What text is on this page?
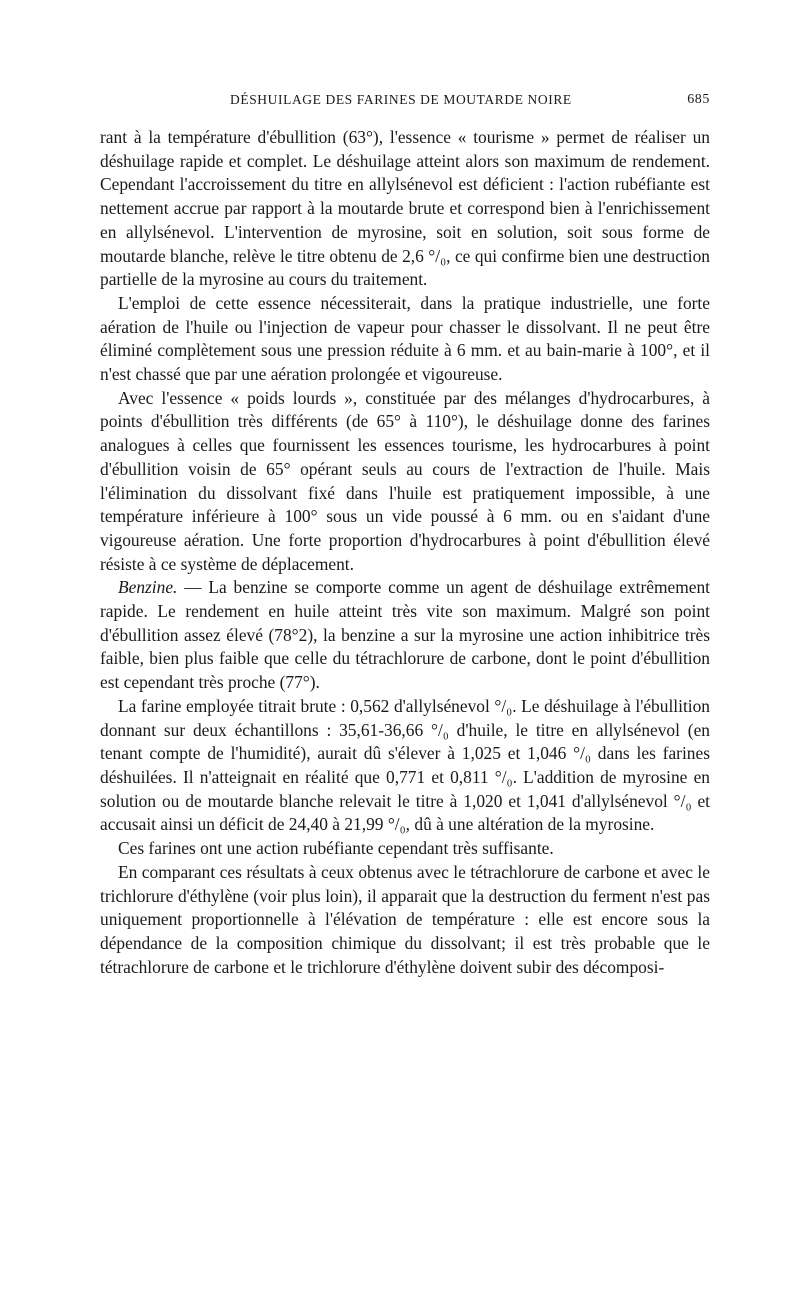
DÉSHUILAGE DES FARINES DE MOUTARDE NOIRE	685

rant à la température d'ébullition (63°), l'essence « tourisme » permet de réaliser un déshuilage rapide et complet. Le déshuilage atteint alors son maximum de rendement. Cependant l'accroissement du titre en allylsénevol est déficient : l'action rubéfiante est nettement accrue par rapport à la moutarde brute et correspond bien à l'enrichissement en allylsénevol. L'intervention de myrosine, soit en solution, soit sous forme de moutarde blanche, relève le titre obtenu de 2,6 °/₀, ce qui confirme bien une destruction partielle de la myrosine au cours du traitement.

L'emploi de cette essence nécessiterait, dans la pratique industrielle, une forte aération de l'huile ou l'injection de vapeur pour chasser le dissolvant. Il ne peut être éliminé complètement sous une pression réduite à 6 mm. et au bain-marie à 100°, et il n'est chassé que par une aération prolongée et vigoureuse.

Avec l'essence « poids lourds », constituée par des mélanges d'hydrocarbures, à points d'ébullition très différents (de 65° à 110°), le déshuilage donne des farines analogues à celles que fournissent les essences tourisme, les hydrocarbures à point d'ébullition voisin de 65° opérant seuls au cours de l'extraction de l'huile. Mais l'élimination du dissolvant fixé dans l'huile est pratiquement impossible, à une température inférieure à 100° sous un vide poussé à 6 mm. ou en s'aidant d'une vigoureuse aération. Une forte proportion d'hydrocarbures à point d'ébullition élevé résiste à ce système de déplacement.

Benzine. — La benzine se comporte comme un agent de déshuilage extrêmement rapide. Le rendement en huile atteint très vite son maximum. Malgré son point d'ébullition assez élevé (78°2), la benzine a sur la myrosine une action inhibitrice très faible, bien plus faible que celle du tétrachlorure de carbone, dont le point d'ébullition est cependant très proche (77°).

La farine employée titrait brute : 0,562 d'allylsénevol °/₀. Le déshuilage à l'ébullition donnant sur deux échantillons : 35,61-36,66 °/₀ d'huile, le titre en allylsénevol (en tenant compte de l'humidité), aurait dû s'élever à 1,025 et 1,046 °/₀ dans les farines déshuilées. Il n'atteignait en réalité que 0,771 et 0,811 °/₀. L'addition de myrosine en solution ou de moutarde blanche relevait le titre à 1,020 et 1,041 d'allylsénevol °/₀ et accusait ainsi un déficit de 24,40 à 21,99 °/₀, dû à une altération de la myrosine.

Ces farines ont une action rubéfiante cependant très suffisante.

En comparant ces résultats à ceux obtenus avec le tétrachlorure de carbone et avec le trichlorure d'éthylène (voir plus loin), il apparait que la destruction du ferment n'est pas uniquement proportionnelle à l'élévation de température : elle est encore sous la dépendance de la composition chimique du dissolvant; il est très probable que le tétrachlorure de carbone et le trichlorure d'éthylène doivent subir des décomposi-
